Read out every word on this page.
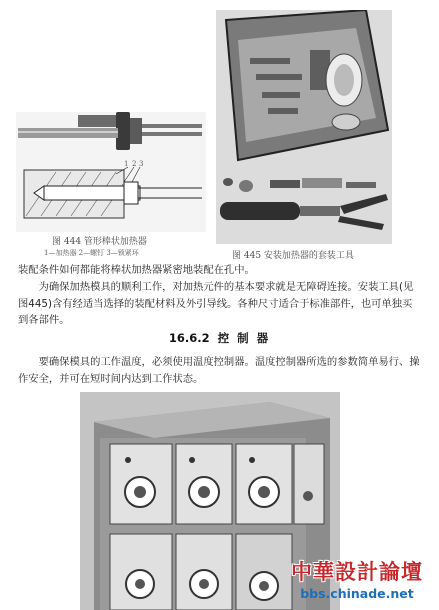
1 2 3
图 444 管形棒状加热器
1—加热器 2—螺钉 3—锁紧环	图 445 安装加热器的套装工具
装配条件如何都能将棒状加热器紧密地装配在孔中。
为确保加热模具的顺利工作，对加热元件的基本要求就是无障碍连接。安装工具(见图445)含有经适当选择的装配材料及外引导线。各种尺寸适合于标准部件，也可单独买到各部件。
16.6.2 控 制 器
要确保模具的工作温度，必须使用温度控制器。温度控制器所选的参数简单易行、操作安全，并可在短时间内达到工作状态。
中華設計論壇
bbs.chinade.net
